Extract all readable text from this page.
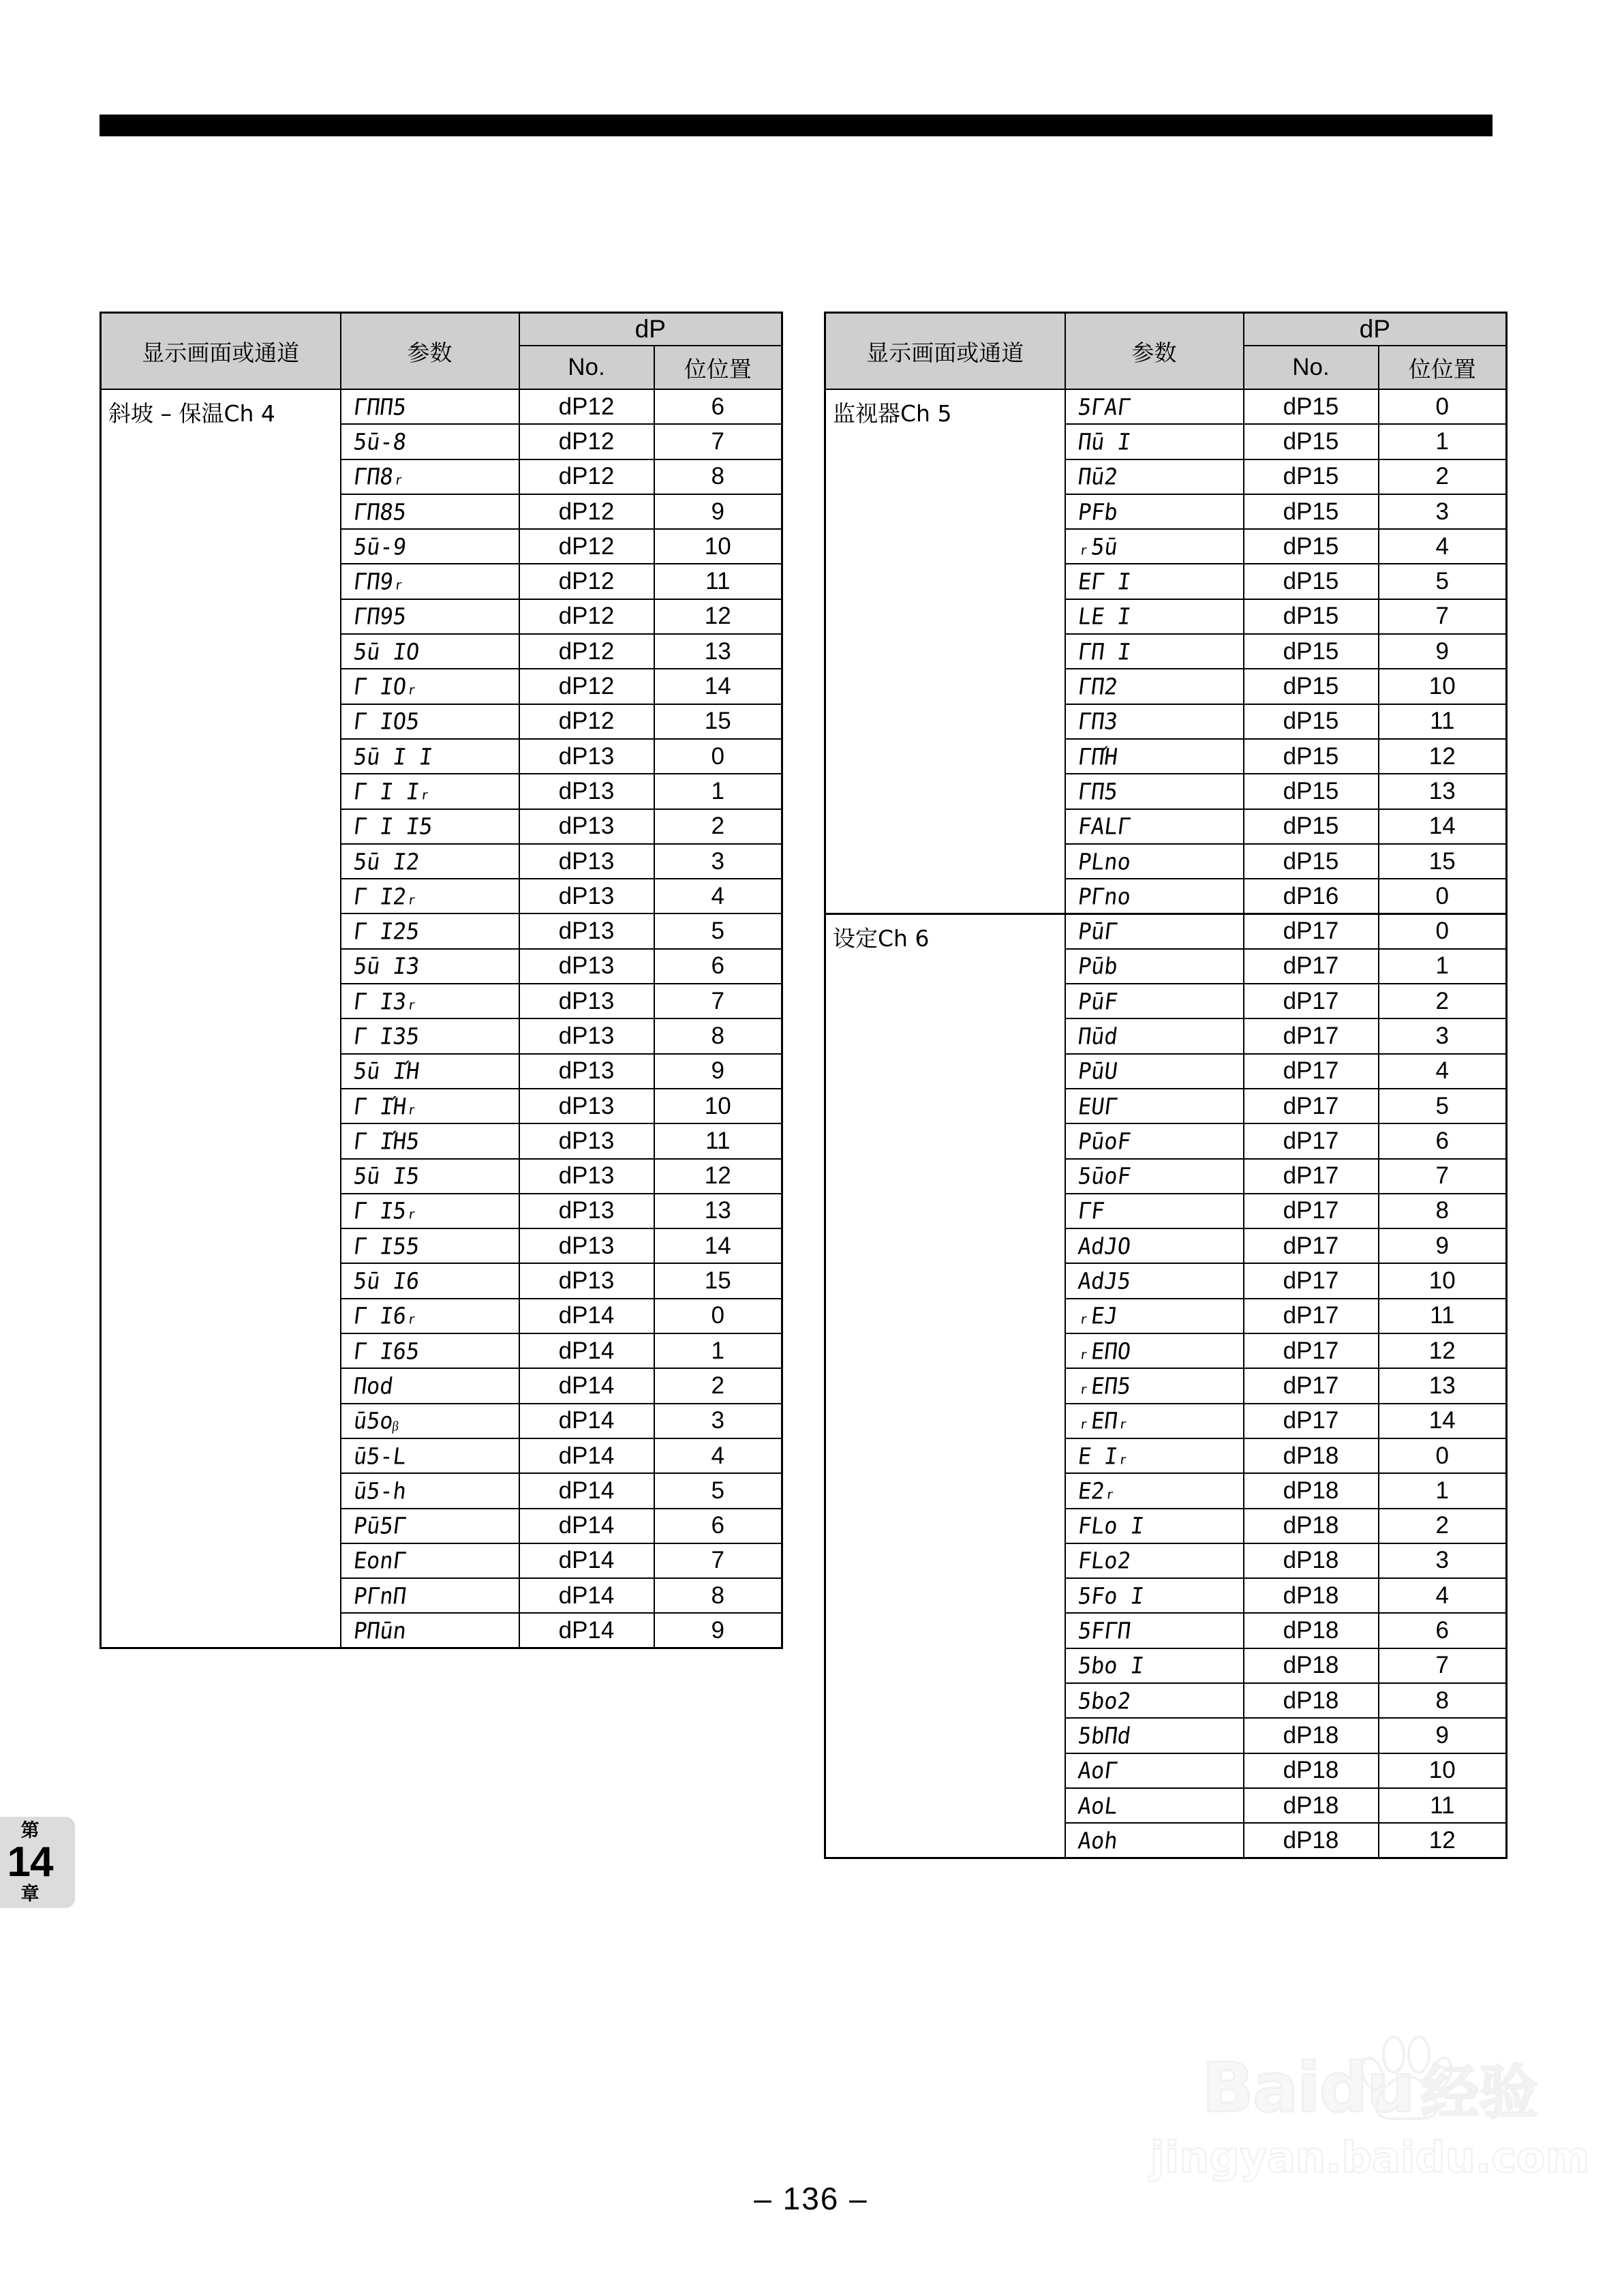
显示画面或通道	参数	dP	
		No.	位位置
斜坡 – 保温Ch 4	ΓΠΠ5	dP12	6
	5ū-8	dP12	7
	ΓΠ8ᵣ	dP12	8
	ΓΠ85	dP12	9
	5ū-9	dP12	10
	ΓΠ9ᵣ	dP12	11
	ΓΠ95	dP12	12
	5ū ΙΟ	dP12	13
	Γ ΙΟᵣ	dP12	14
	Γ ΙΟ5	dP12	15
	5ū Ι Ι	dP13	0
	Γ Ι Ιᵣ	dP13	1
	Γ Ι Ι5	dP13	2
	5ū Ι2	dP13	3
	Γ Ι2ᵣ	dP13	4
	Γ Ι25	dP13	5
	5ū Ι3	dP13	6
	Γ Ι3ᵣ	dP13	7
	Γ Ι35	dP13	8
	5ū ΙΉ	dP13	9
	Γ ΙΉᵣ	dP13	10
	Γ ΙΉ5	dP13	11
	5ū Ι5	dP13	12
	Γ Ι5ᵣ	dP13	13
	Γ Ι55	dP13	14
	5ū Ι6	dP13	15
	Γ Ι6ᵣ	dP14	0
	Γ Ι65	dP14	1
	Πod	dP14	2
	ū5oᵦ	dP14	3
	ū5-L	dP14	4
	ū5-h	dP14	5
	Pū5Γ	dP14	6
	ΕonΓ	dP14	7
	PΓnΠ	dP14	8
	PΠūn	dP14	9
显示画面或通道	参数	dP	
		No.	位位置
监视器Ch 5	5ΓΑΓ	dP15	0
	Πū Ι	dP15	1
	Πū2	dP15	2
	PFb	dP15	3
	ᵣ5ū	dP15	4
	ΕΓ Ι	dP15	5
	LΕ Ι	dP15	7
	ΓΠ Ι	dP15	9
	ΓΠ2	dP15	10
	ΓΠ3	dP15	11
	ΓΠΉ	dP15	12
	ΓΠ5	dP15	13
	FΑLΓ	dP15	14
	PLno	dP15	15
	PΓno	dP16	0
设定Ch 6	PūΓ	dP17	0
	Pūb	dP17	1
	PūF	dP17	2
	Πūd	dP17	3
	PūU	dP17	4
	ΕUΓ	dP17	5
	PūoF	dP17	6
	5ūoF	dP17	7
	ΓF	dP17	8
	ΑdJΟ	dP17	9
	ΑdJ5	dP17	10
	ᵣΕJ	dP17	11
	ᵣΕΠΟ	dP17	12
	ᵣΕΠ5	dP17	13
	ᵣΕΠᵣ	dP17	14
	Ε Ιᵣ	dP18	0
	Ε2ᵣ	dP18	1
	FLo Ι	dP18	2
	FLo2	dP18	3
	5Fo Ι	dP18	4
	5FΓΠ	dP18	6
	5bo Ι	dP18	7
	5bo2	dP18	8
	5bΠd	dP18	9
	ΑoΓ	dP18	10
	ΑoL	dP18	11
	Αoh	dP18	12
第
14
章
– 136 –
Baidu 经验
jingyan.baidu.com
